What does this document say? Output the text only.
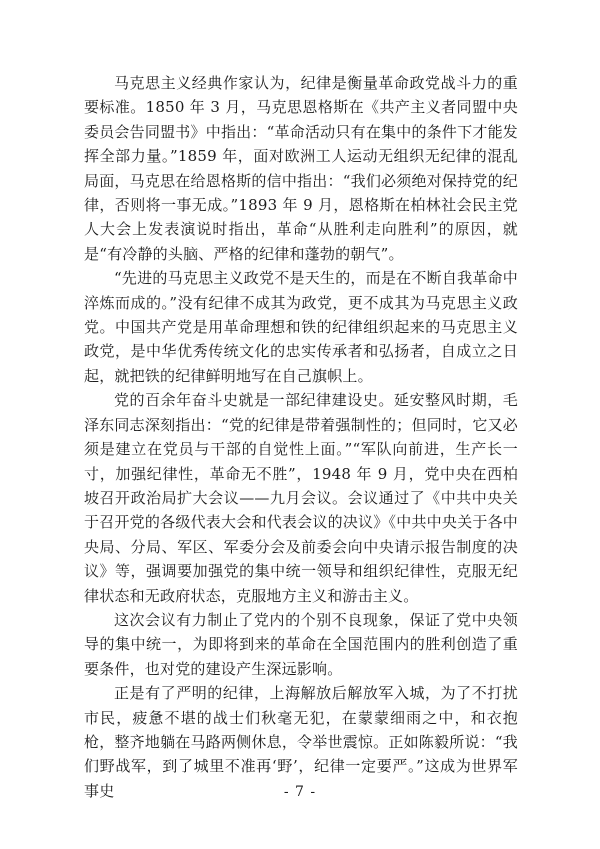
马克思主义经典作家认为，纪律是衡量革命政党战斗力的重要标准。1850 年 3 月，马克思恩格斯在《共产主义者同盟中央委员会告同盟书》中指出：“革命活动只有在集中的条件下才能发挥全部力量。”1859 年，面对欧洲工人运动无组织无纪律的混乱局面，马克思在给恩格斯的信中指出：“我们必须绝对保持党的纪律，否则将一事无成。”1893 年 9 月，恩格斯在柏林社会民主党人大会上发表演说时指出，革命“从胜利走向胜利”的原因，就是“有冷静的头脑、严格的纪律和蓬勃的朝气”。

“先进的马克思主义政党不是天生的，而是在不断自我革命中淬炼而成的。”没有纪律不成其为政党，更不成其为马克思主义政党。中国共产党是用革命理想和铁的纪律组织起来的马克思主义政党，是中华优秀传统文化的忠实传承者和弘扬者，自成立之日起，就把铁的纪律鲜明地写在自己旗帜上。

党的百余年奋斗史就是一部纪律建设史。延安整风时期，毛泽东同志深刻指出：“党的纪律是带着强制性的；但同时，它又必须是建立在党员与干部的自觉性上面。”“军队向前进，生产长一寸，加强纪律性，革命无不胜”，1948 年 9 月，党中央在西柏坡召开政治局扩大会议——九月会议。会议通过了《中共中央关于召开党的各级代表大会和代表会议的决议》《中共中央关于各中央局、分局、军区、军委分会及前委会向中央请示报告制度的决议》等，强调要加强党的集中统一领导和组织纪律性，克服无纪律状态和无政府状态，克服地方主义和游击主义。

这次会议有力制止了党内的个别不良现象，保证了党中央领导的集中统一，为即将到来的革命在全国范围内的胜利创造了重要条件，也对党的建设产生深远影响。

正是有了严明的纪律，上海解放后解放军入城，为了不打扰市民，疲惫不堪的战士们秋毫无犯，在蒙蒙细雨之中，和衣抱枪，整齐地躺在马路两侧休息，令举世震惊。正如陈毅所说：“我们野战军，到了城里不准再‘野’，纪律一定要严。”这成为世界军事史	- 7 -
